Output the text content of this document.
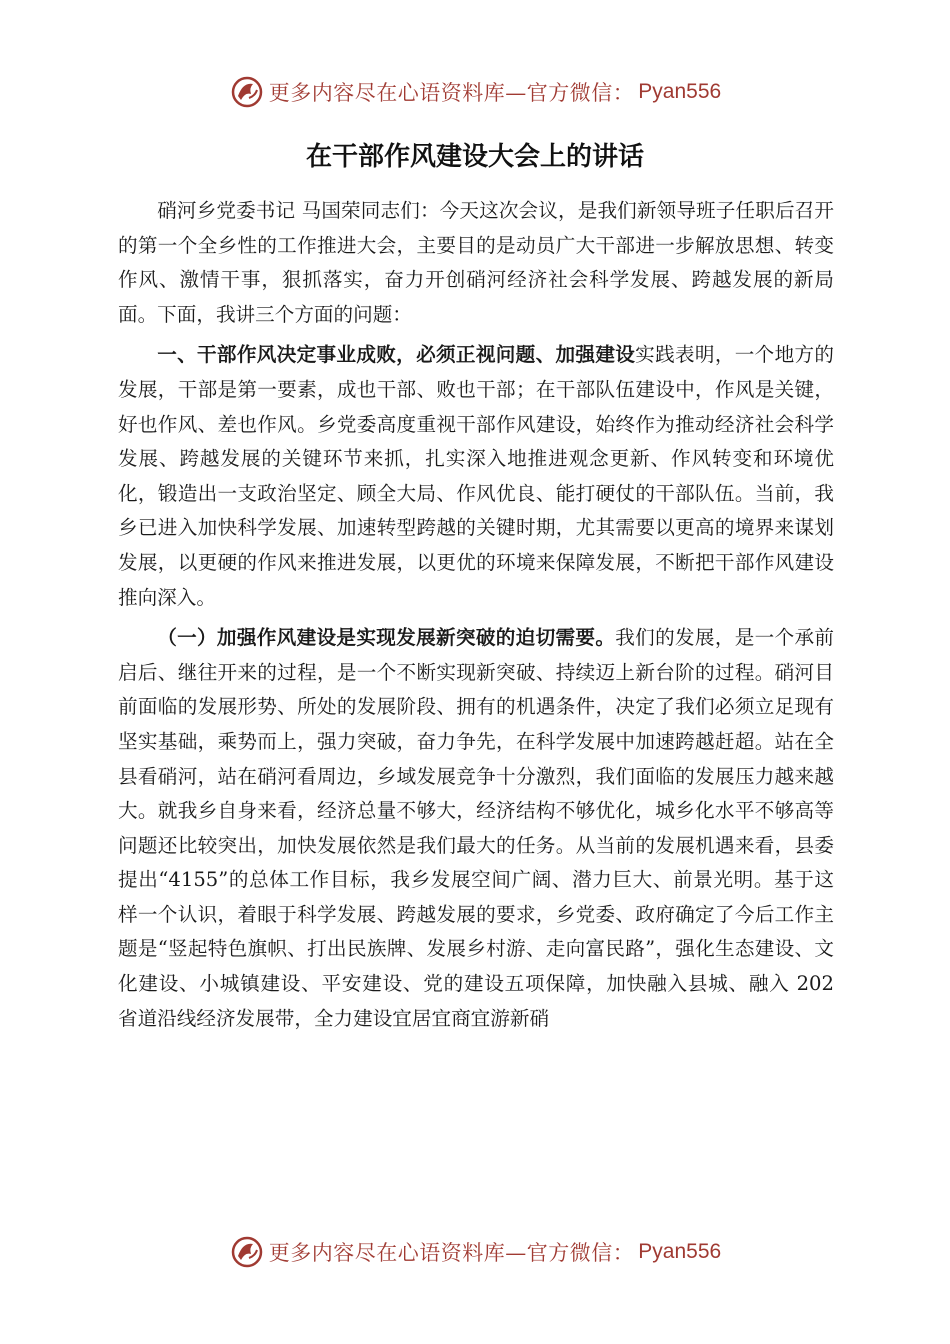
更多内容尽在心语资料库—官方微信： Pyan556
在干部作风建设大会上的讲话

硝河乡党委书记 马国荣同志们：今天这次会议，是我们新领导班子任职后召开的第一个全乡性的工作推进大会，主要目的是动员广大干部进一步解放思想、转变作风、激情干事，狠抓落实，奋力开创硝河经济社会科学发展、跨越发展的新局面。下面，我讲三个方面的问题：

一、干部作风决定事业成败，必须正视问题、加强建设实践表明，一个地方的发展，干部是第一要素，成也干部、败也干部；在干部队伍建设中，作风是关键，好也作风、差也作风。乡党委高度重视干部作风建设，始终作为推动经济社会科学发展、跨越发展的关键环节来抓，扎实深入地推进观念更新、作风转变和环境优化，锻造出一支政治坚定、顾全大局、作风优良、能打硬仗的干部队伍。当前，我乡已进入加快科学发展、加速转型跨越的关键时期，尤其需要以更高的境界来谋划发展，以更硬的作风来推进发展，以更优的环境来保障发展，不断把干部作风建设推向深入。

（一）加强作风建设是实现发展新突破的迫切需要。我们的发展，是一个承前启后、继往开来的过程，是一个不断实现新突破、持续迈上新台阶的过程。硝河目前面临的发展形势、所处的发展阶段、拥有的机遇条件，决定了我们必须立足现有坚实基础，乘势而上，强力突破，奋力争先，在科学发展中加速跨越赶超。站在全县看硝河，站在硝河看周边，乡域发展竞争十分激烈，我们面临的发展压力越来越大。就我乡自身来看，经济总量不够大，经济结构不够优化，城乡化水平不够高等问题还比较突出，加快发展依然是我们最大的任务。从当前的发展机遇来看，县委提出“4155”的总体工作目标，我乡发展空间广阔、潜力巨大、前景光明。基于这样一个认识，着眼于科学发展、跨越发展的要求，乡党委、政府确定了今后工作主题是“竖起特色旗帜、打出民族牌、发展乡村游、走向富民路”，强化生态建设、文化建设、小城镇建设、平安建设、党的建设五项保障，加快融入县城、融入 202 省道沿线经济发展带，全力建设宜居宜商宜游新硝

更多内容尽在心语资料库—官方微信： Pyan556
